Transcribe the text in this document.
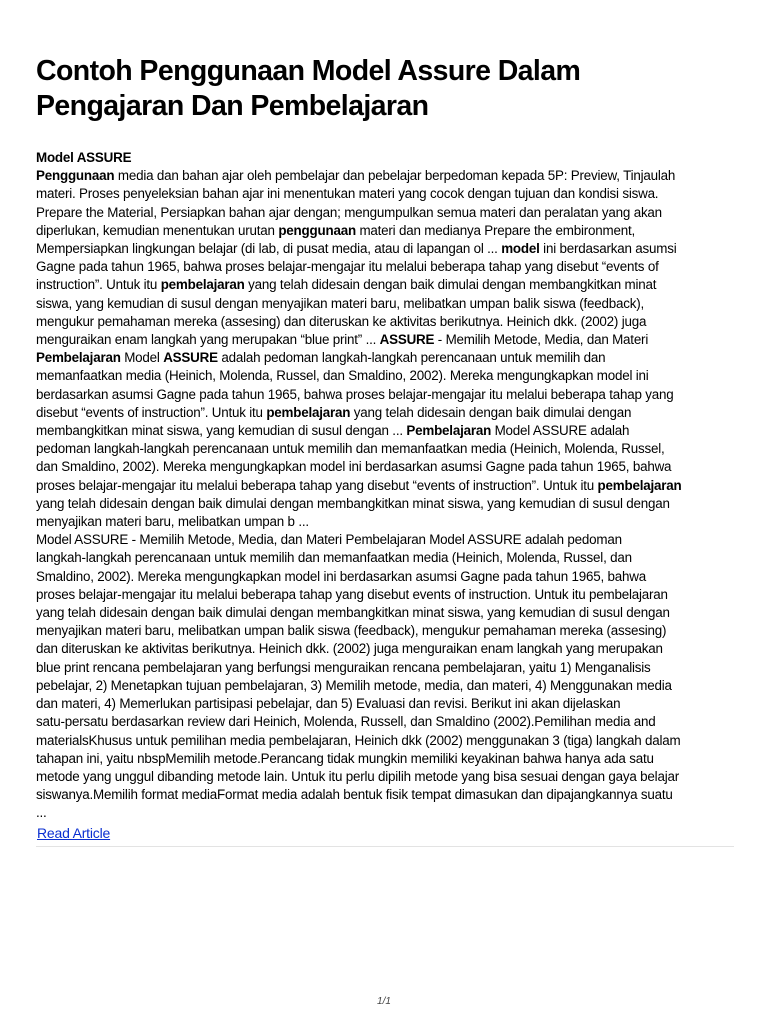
Contoh Penggunaan Model Assure Dalam
Pengajaran Dan Pembelajaran
Model ASSURE

Penggunaan media dan bahan ajar oleh pembelajar dan pebelajar berpedoman kepada 5P: Preview, Tinjaulah
materi. Proses penyeleksian bahan ajar ini menentukan materi yang cocok dengan tujuan dan kondisi siswa.
Prepare the Material, Persiapkan bahan ajar dengan; mengumpulkan semua materi dan peralatan yang akan
diperlukan, kemudian menentukan urutan penggunaan materi dan medianya Prepare the embironment,
Mempersiapkan lingkungan belajar (di lab, di pusat media, atau di lapangan ol ... model ini berdasarkan asumsi
Gagne pada tahun 1965, bahwa proses belajar-mengajar itu melalui beberapa tahap yang disebut “events of
instruction”. Untuk itu pembelajaran yang telah didesain dengan baik dimulai dengan membangkitkan minat
siswa, yang kemudian di susul dengan menyajikan materi baru, melibatkan umpan balik siswa (feedback),
mengukur pemahaman mereka (assesing) dan diteruskan ke aktivitas berikutnya. Heinich dkk. (2002) juga
menguraikan enam langkah yang merupakan “blue print” ... ASSURE - Memilih Metode, Media, dan Materi
Pembelajaran Model ASSURE adalah pedoman langkah-langkah perencanaan untuk memilih dan
memanfaatkan media (Heinich, Molenda, Russel, dan Smaldino, 2002). Mereka mengungkapkan model ini
berdasarkan asumsi Gagne pada tahun 1965, bahwa proses belajar-mengajar itu melalui beberapa tahap yang
disebut “events of instruction”. Untuk itu pembelajaran yang telah didesain dengan baik dimulai dengan
membangkitkan minat siswa, yang kemudian di susul dengan ... Pembelajaran Model ASSURE adalah
pedoman langkah-langkah perencanaan untuk memilih dan memanfaatkan media (Heinich, Molenda, Russel,
dan Smaldino, 2002). Mereka mengungkapkan model ini berdasarkan asumsi Gagne pada tahun 1965, bahwa
proses belajar-mengajar itu melalui beberapa tahap yang disebut “events of instruction”. Untuk itu pembelajaran
yang telah didesain dengan baik dimulai dengan membangkitkan minat siswa, yang kemudian di susul dengan
menyajikan materi baru, melibatkan umpan b ...

Model ASSURE - Memilih Metode, Media, dan Materi Pembelajaran Model ASSURE adalah pedoman
langkah-langkah perencanaan untuk memilih dan memanfaatkan media (Heinich, Molenda, Russel, dan
Smaldino, 2002). Mereka mengungkapkan model ini berdasarkan asumsi Gagne pada tahun 1965, bahwa
proses belajar-mengajar itu melalui beberapa tahap yang disebut events of instruction. Untuk itu pembelajaran
yang telah didesain dengan baik dimulai dengan membangkitkan minat siswa, yang kemudian di susul dengan
menyajikan materi baru, melibatkan umpan balik siswa (feedback), mengukur pemahaman mereka (assesing)
dan diteruskan ke aktivitas berikutnya. Heinich dkk. (2002) juga menguraikan enam langkah yang merupakan
blue print rencana pembelajaran yang berfungsi menguraikan rencana pembelajaran, yaitu 1) Menganalisis
pebelajar, 2) Menetapkan tujuan pembelajaran, 3) Memilih metode, media, dan materi, 4) Menggunakan media
dan materi, 4) Memerlukan partisipasi pebelajar, dan 5) Evaluasi dan revisi. Berikut ini akan dijelaskan
satu-persatu berdasarkan review dari Heinich, Molenda, Russell, dan Smaldino (2002).Pemilihan media and
materialsKhusus untuk pemilihan media pembelajaran, Heinich dkk (2002) menggunakan 3 (tiga) langkah dalam
tahapan ini, yaitu nbspMemilih metode.Perancang tidak mungkin memiliki keyakinan bahwa hanya ada satu
metode yang unggul dibanding metode lain. Untuk itu perlu dipilih metode yang bisa sesuai dengan gaya belajar
siswanya.Memilih format mediaFormat media adalah bentuk fisik tempat dimasukan dan dipajangkannya suatu
...

Read Article
1/1
